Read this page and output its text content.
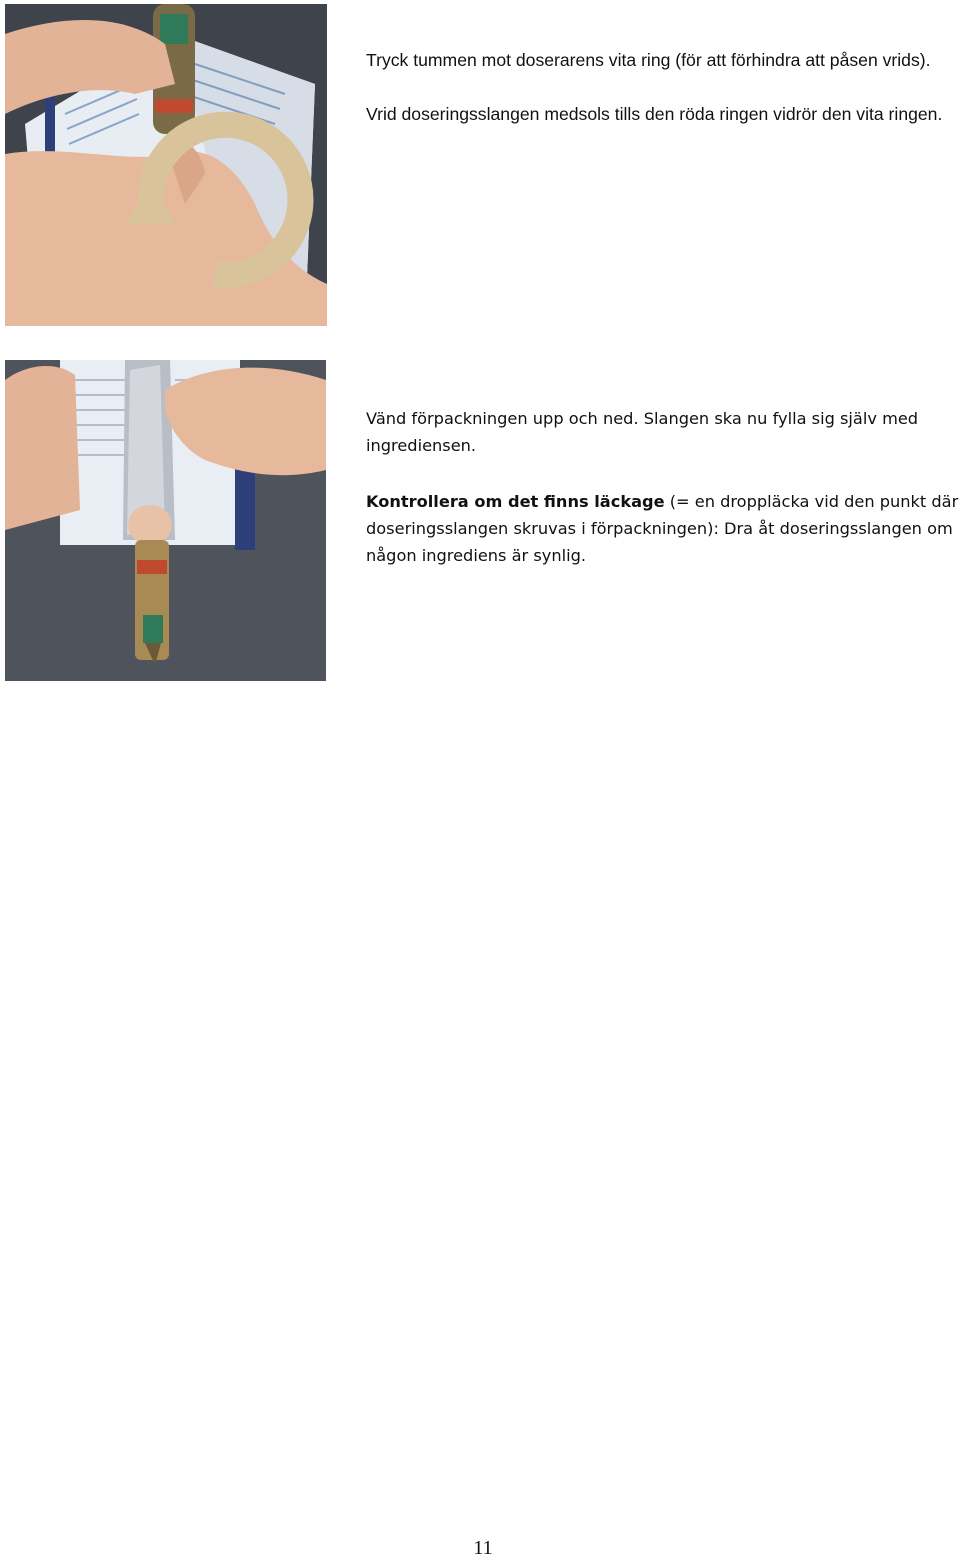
Tryck tummen mot doserarens vita ring (för att förhindra att påsen vrids).

Vrid doseringsslangen medsols tills den röda ringen vidrör den vita ringen.

Vänd förpackningen upp och ned. Slangen ska nu fylla sig själv med ingrediensen.

Kontrollera om det finns läckage (= en droppläcka vid den punkt där doseringsslangen skruvas i förpackningen): Dra åt doseringsslangen om någon ingrediens är synlig.

11
